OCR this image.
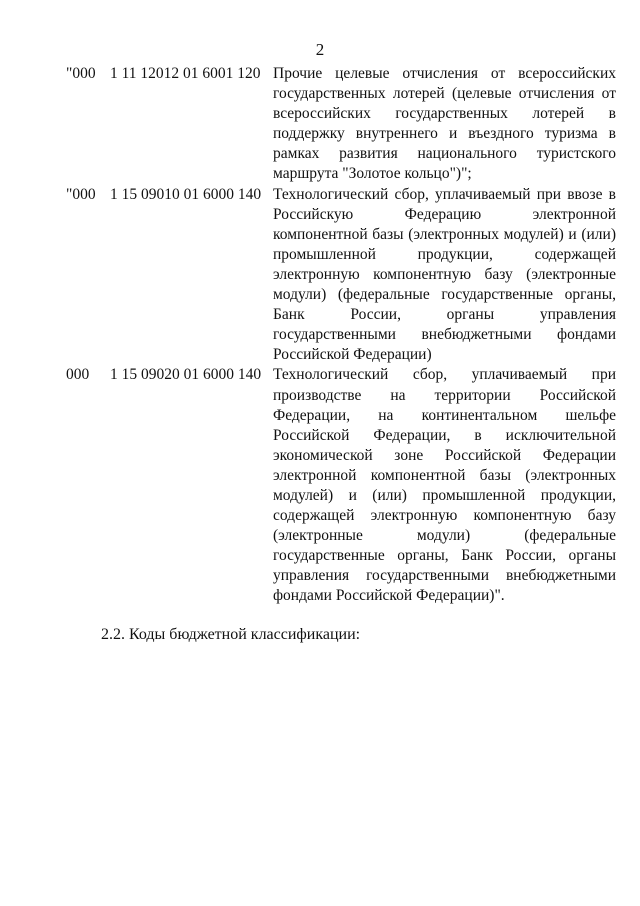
2
"000 1 11 12012 01 6001 120 Прочие целевые отчисления от всероссийских государственных лотерей (целевые отчисления от всероссийских государственных лотерей в поддержку внутреннего и въездного туризма в рамках развития национального туристского маршрута "Золотое кольцо")";
"000 1 15 09010 01 6000 140 Технологический сбор, уплачиваемый при ввозе в Российскую Федерацию электронной компонентной базы (электронных модулей) и (или) промышленной продукции, содержащей электронную компонентную базу (электронные модули) (федеральные государственные органы, Банк России, органы управления государственными внебюджетными фондами Российской Федерации)
000	1 15 09020 01 6000 140 Технологический сбор, уплачиваемый при производстве на территории Российской Федерации, на континентальном шельфе Российской Федерации, в исключительной экономической зоне Российской Федерации электронной компонентной базы (электронных модулей) и (или) промышленной продукции, содержащей электронную компонентную базу (электронные модули) (федеральные государственные органы, Банк России, органы управления государственными внебюджетными фондами Российской Федерации)".
2.2. Коды бюджетной классификации:
